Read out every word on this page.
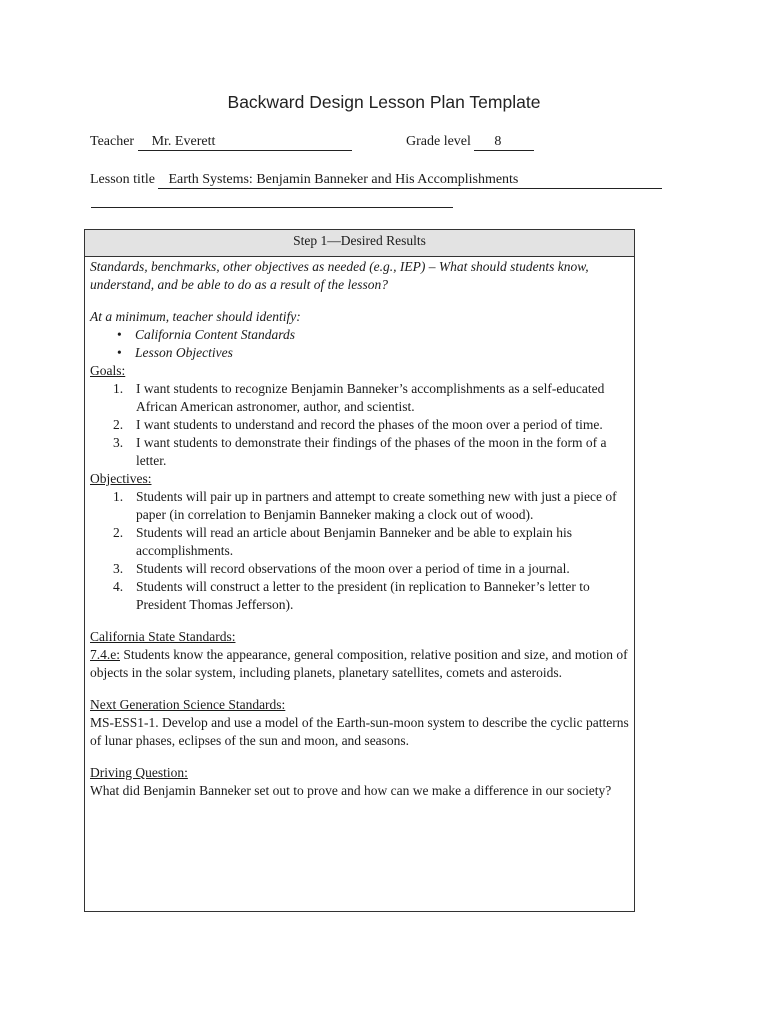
Backward Design Lesson Plan Template
Teacher Mr. Everett	Grade level 8
Lesson title Earth Systems: Benjamin Banneker and His Accomplishments
Step 1—Desired Results

Standards, benchmarks, other objectives as needed (e.g., IEP) – What should students know, understand, and be able to do as a result of the lesson?

At a minimum, teacher should identify:

• California Content Standards
• Lesson Objectives

Goals:

1. I want students to recognize Benjamin Banneker’s accomplishments as a self-educated African American astronomer, author, and scientist.
2. I want students to understand and record the phases of the moon over a period of time.
3. I want students to demonstrate their findings of the phases of the moon in the form of a letter.

Objectives:

1. Students will pair up in partners and attempt to create something new with just a piece of paper (in correlation to Benjamin Banneker making a clock out of wood).
2. Students will read an article about Benjamin Banneker and be able to explain his accomplishments.
3. Students will record observations of the moon over a period of time in a journal.
4. Students will construct a letter to the president (in replication to Banneker’s letter to President Thomas Jefferson).

California State Standards:

7.4.e: Students know the appearance, general composition, relative position and size, and motion of objects in the solar system, including planets, planetary satellites, comets and asteroids.

Next Generation Science Standards:

MS-ESS1-1. Develop and use a model of the Earth-sun-moon system to describe the cyclic patterns of lunar phases, eclipses of the sun and moon, and seasons.

Driving Question:

What did Benjamin Banneker set out to prove and how can we make a difference in our society?
